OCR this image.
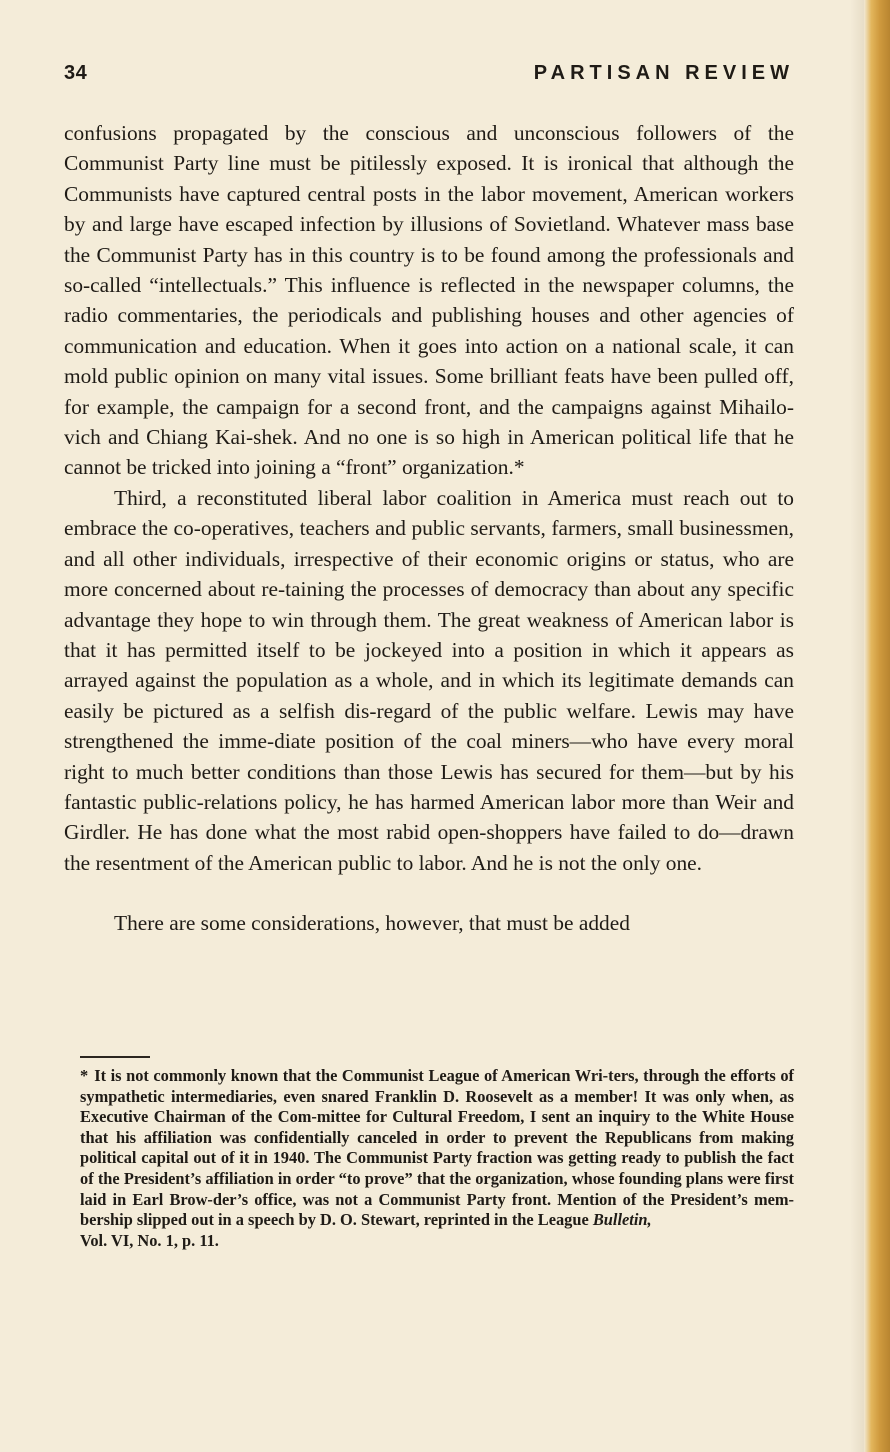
34	PARTISAN REVIEW

confusions propagated by the conscious and unconscious followers of the Communist Party line must be pitilessly exposed. It is ironical that although the Communists have captured central posts in the labor movement, American workers by and large have escaped infection by illusions of Sovietland. Whatever mass base the Communist Party has in this country is to be found among the professionals and so-called “intellectuals.” This influence is reflected in the newspaper columns, the radio commentaries, the periodicals and publishing houses and other agencies of communication and education. When it goes into action on a national scale, it can mold public opinion on many vital issues. Some brilliant feats have been pulled off, for example, the campaign for a second front, and the campaigns against Mihailo-vich and Chiang Kai-shek. And no one is so high in American political life that he cannot be tricked into joining a “front” organization.*

Third, a reconstituted liberal labor coalition in America must reach out to embrace the co-operatives, teachers and public servants, farmers, small businessmen, and all other individuals, irrespective of their economic origins or status, who are more concerned about re-taining the processes of democracy than about any specific advantage they hope to win through them. The great weakness of American labor is that it has permitted itself to be jockeyed into a position in which it appears as arrayed against the population as a whole, and in which its legitimate demands can easily be pictured as a selfish dis-regard of the public welfare. Lewis may have strengthened the imme-diate position of the coal miners—who have every moral right to much better conditions than those Lewis has secured for them—but by his fantastic public-relations policy, he has harmed American labor more than Weir and Girdler. He has done what the most rabid open-shoppers have failed to do—drawn the resentment of the American public to labor. And he is not the only one.

There are some considerations, however, that must be added

* It is not commonly known that the Communist League of American Wri-ters, through the efforts of sympathetic intermediaries, even snared Franklin D. Roosevelt as a member! It was only when, as Executive Chairman of the Com-mittee for Cultural Freedom, I sent an inquiry to the White House that his affiliation was confidentially canceled in order to prevent the Republicans from making political capital out of it in 1940. The Communist Party fraction was getting ready to publish the fact of the President’s affiliation in order “to prove” that the organization, whose founding plans were first laid in Earl Brow-der’s office, was not a Communist Party front. Mention of the President’s mem-bership slipped out in a speech by D. O. Stewart, reprinted in the League Bulletin,
Vol. VI, No. 1, p. 11.
